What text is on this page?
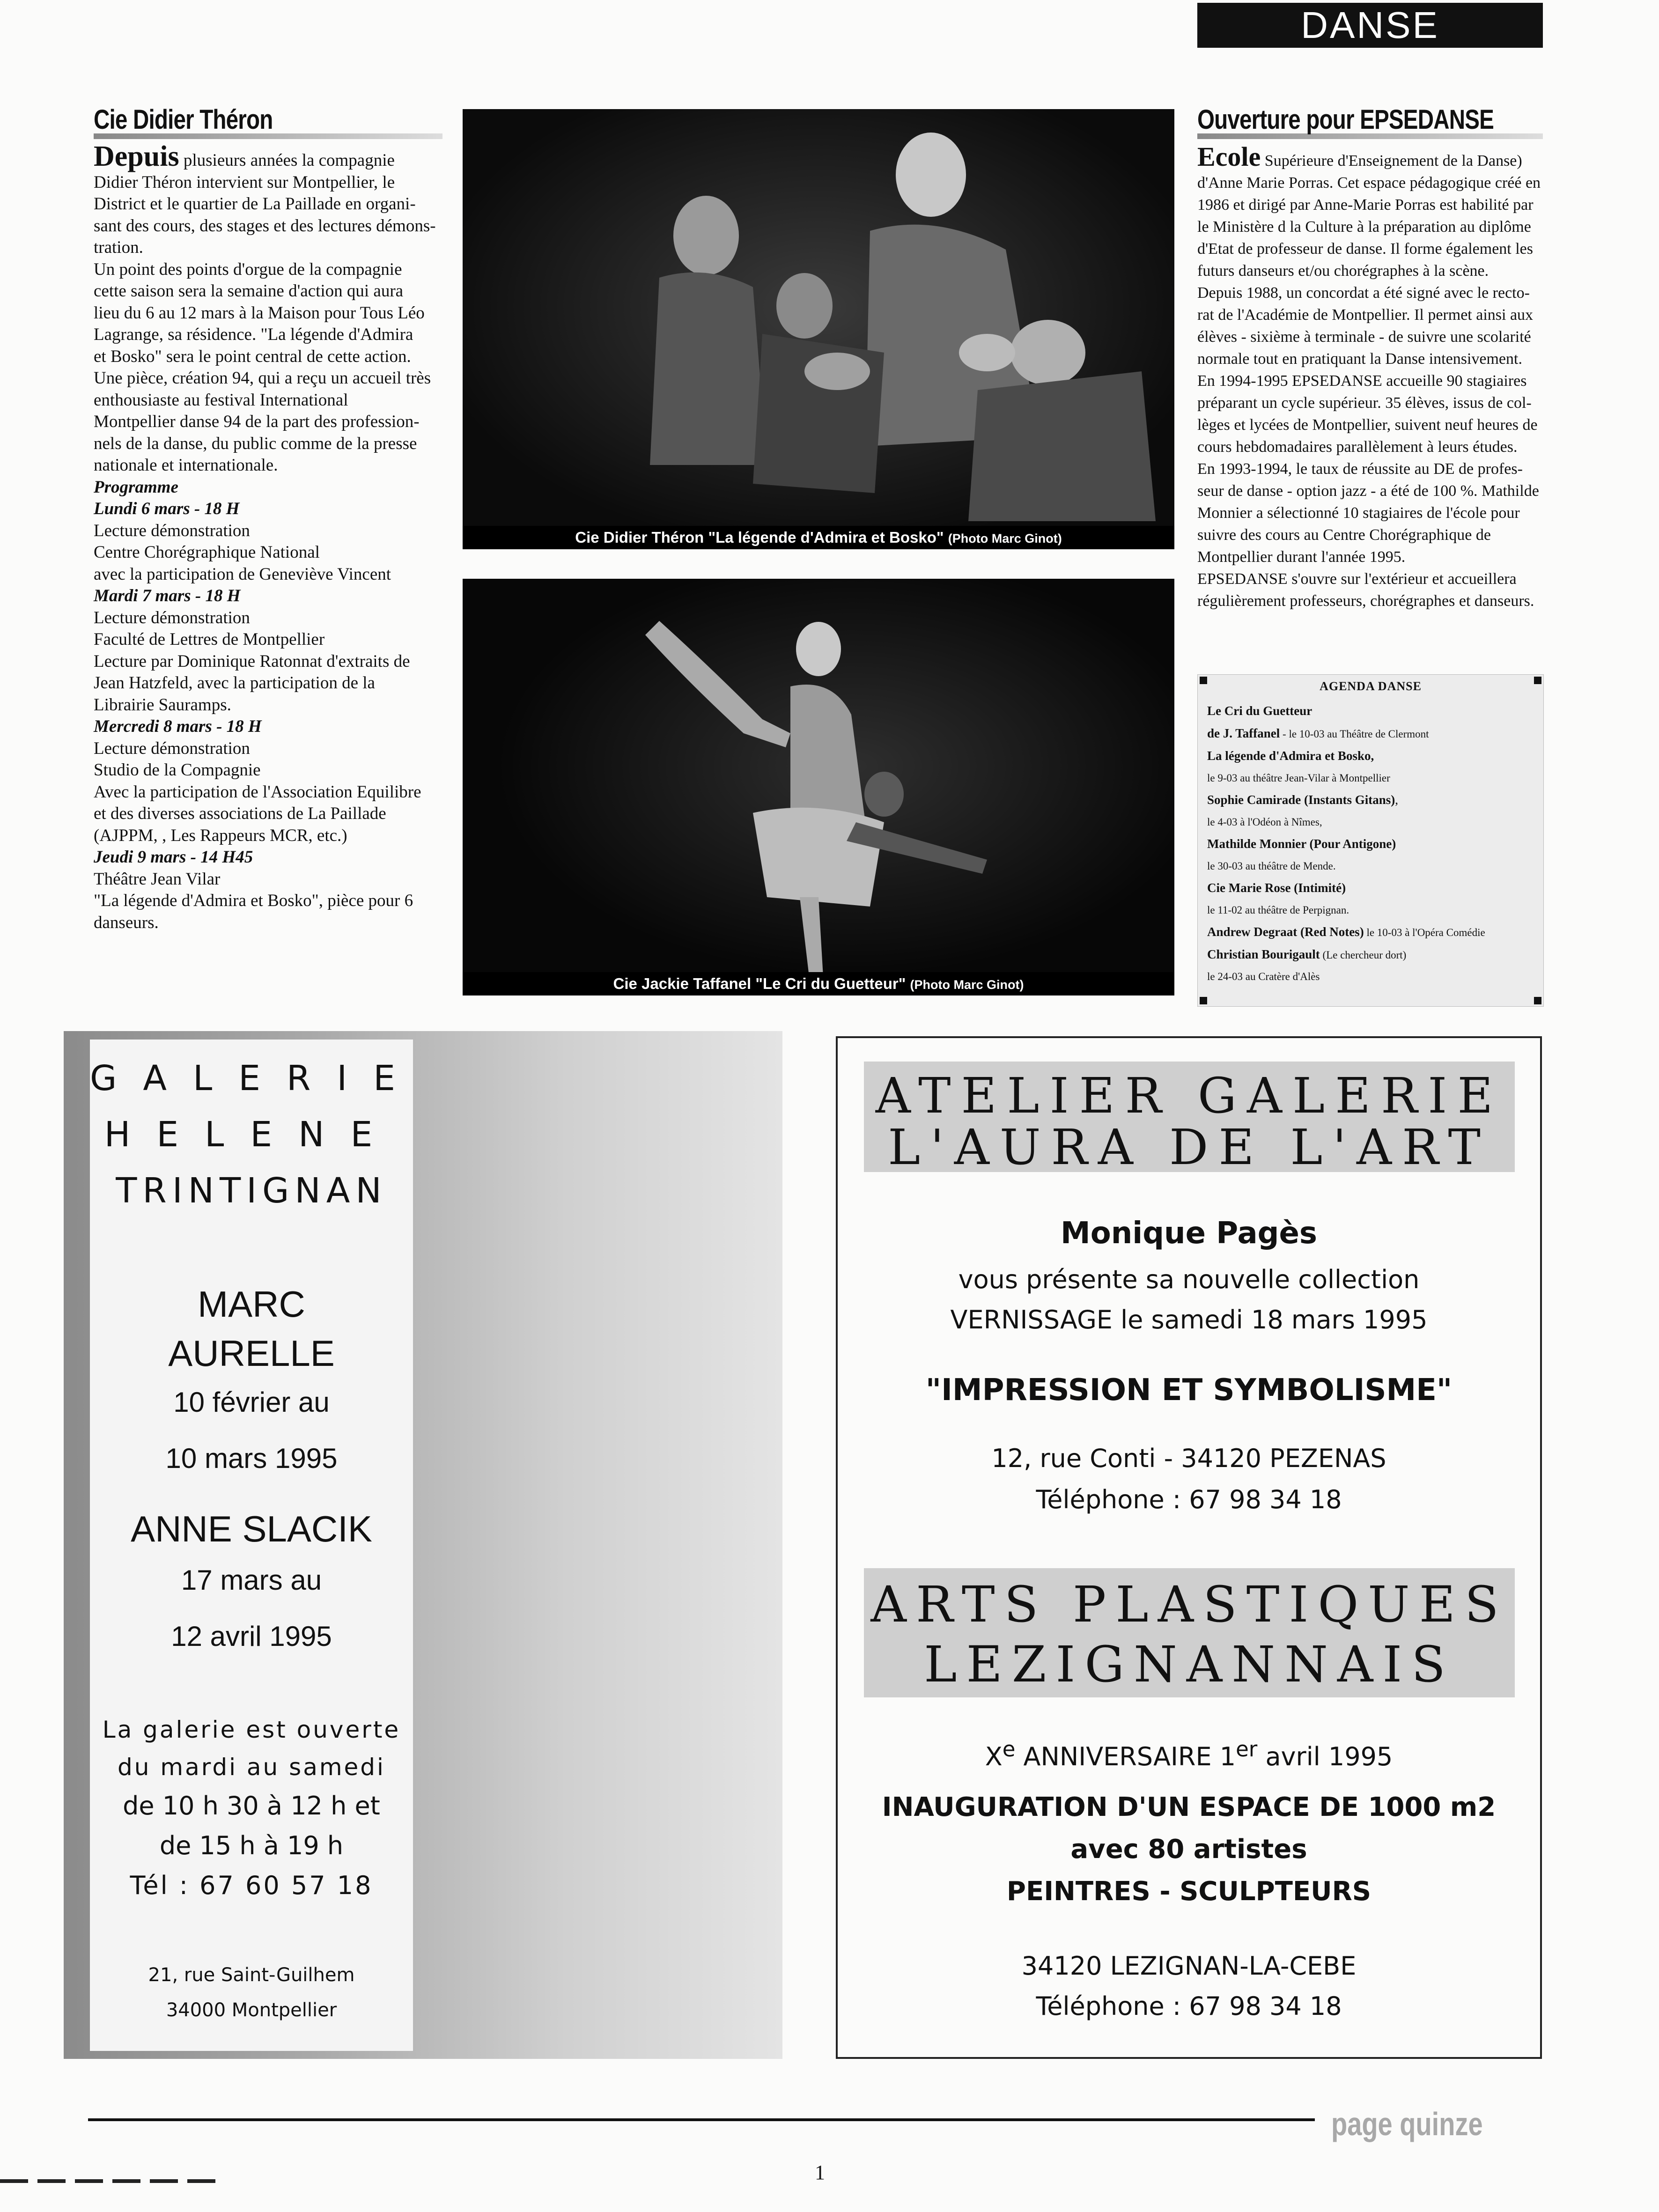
DANSE
Cie Didier Théron

Depuis plusieurs années la compagnie

Didier Théron intervient sur Montpellier, le

District et le quartier de La Paillade en organi-

sant des cours, des stages et des lectures démons-

tration.

Un point des points d'orgue de la compagnie

cette saison sera la semaine d'action qui aura

lieu du 6 au 12 mars à la Maison pour Tous Léo

Lagrange, sa résidence. "La légende d'Admira

et Bosko" sera le point central de cette action.

Une pièce, création 94, qui a reçu un accueil très

enthousiaste au festival International

Montpellier danse 94 de la part des profession-

nels de la danse, du public comme de la presse

nationale et internationale.

Programme

Lundi 6 mars - 18 H

Lecture démonstration

Centre Chorégraphique National

avec la participation de Geneviève Vincent

Mardi 7 mars - 18 H

Lecture démonstration

Faculté de Lettres de Montpellier

Lecture par Dominique Ratonnat d'extraits de

Jean Hatzfeld, avec la participation de la

Librairie Sauramps.

Mercredi 8 mars - 18 H

Lecture démonstration

Studio de la Compagnie

Avec la participation de l'Association Equilibre

et des diverses associations de La Paillade

(AJPPM, , Les Rappeurs MCR, etc.)

Jeudi 9 mars - 14 H45

Théâtre Jean Vilar

"La légende d'Admira et Bosko", pièce pour 6

danseurs.

Cie Didier Théron "La légende d'Admira et Bosko" (Photo Marc Ginot)
Cie Jackie Taffanel "Le Cri du Guetteur" (Photo Marc Ginot)
Ouverture pour EPSEDANSE

Ecole Supérieure d'Enseignement de la Danse)

d'Anne Marie Porras. Cet espace pédagogique créé en

1986 et dirigé par Anne-Marie Porras est habilité par

le Ministère d la Culture à la préparation au diplôme

d'Etat de professeur de danse. Il forme également les

futurs danseurs et/ou chorégraphes à la scène.

Depuis 1988, un concordat a été signé avec le recto-

rat de l'Académie de Montpellier. Il permet ainsi aux

élèves - sixième à terminale - de suivre une scolarité

normale tout en pratiquant la Danse intensivement.

En 1994-1995 EPSEDANSE accueille 90 stagiaires

préparant un cycle supérieur. 35 élèves, issus de col-

lèges et lycées de Montpellier, suivent neuf heures de

cours hebdomadaires parallèlement à leurs études.

En 1993-1994, le taux de réussite au DE de profes-

seur de danse - option jazz - a été de 100 %. Mathilde

Monnier a sélectionné 10 stagiaires de l'école pour

suivre des cours au Centre Chorégraphique de

Montpellier durant l'année 1995.

EPSEDANSE s'ouvre sur l'extérieur et accueillera

régulièrement professeurs, chorégraphes et danseurs.

AGENDA DANSE
Le Cri du Guetteur
de J. Taffanel - le 10-03 au Théâtre de Clermont
La légende d'Admira et Bosko,
le 9-03 au théâtre Jean-Vilar à Montpellier
Sophie Camirade (Instants Gitans),
le 4-03 à l'Odéon à Nîmes,
Mathilde Monnier (Pour Antigone)
le 30-03 au théâtre de Mende.
Cie Marie Rose (Intimité)
le 11-02 au théâtre de Perpignan.
Andrew Degraat (Red Notes) le 10-03 à l'Opéra Comédie
Christian Bourigault (Le chercheur dort)
le 24-03 au Cratère d'Alès
GALERIE
HELENE
TRINTIGNAN
MARC
AURELLE
10 février au
10 mars 1995
ANNE SLACIK
17 mars au
12 avril 1995
La galerie est ouverte
du mardi au samedi
de 10 h 30 à 12 h et
de 15 h à 19 h
Tél : 67 60 57 18
21, rue Saint-Guilhem
34000 Montpellier
ATELIER GALERIE
L'AURA DE L'ART
Monique Pagès
vous présente sa nouvelle collection
VERNISSAGE le samedi 18 mars 1995
"IMPRESSION ET SYMBOLISME"
12, rue Conti - 34120 PEZENAS
Téléphone : 67 98 34 18
ARTS PLASTIQUES
LEZIGNANNAIS
Xe ANNIVERSAIRE 1er avril 1995
INAUGURATION D'UN ESPACE DE 1000 m2
avec 80 artistes
PEINTRES - SCULPTEURS
34120 LEZIGNAN-LA-CEBE
Téléphone : 67 98 34 18
page quinze
1
